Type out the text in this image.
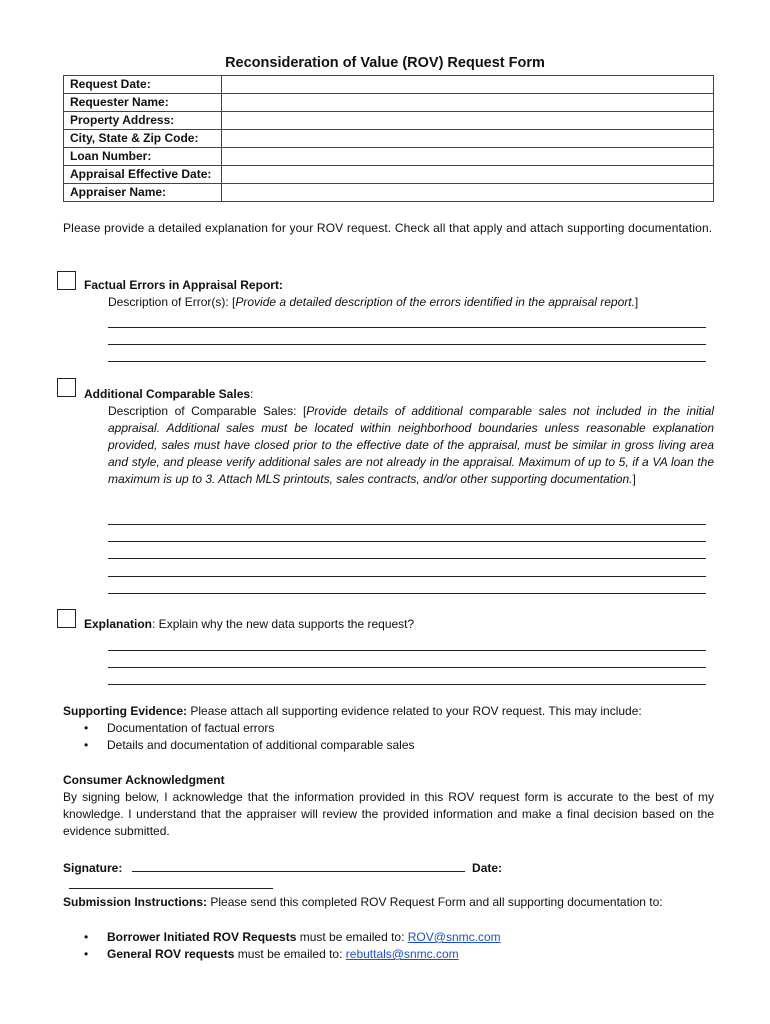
Reconsideration of Value (ROV) Request Form
Request Date:	
Requester Name:	
Property Address:	
City, State & Zip Code:	
Loan Number:	
Appraisal Effective Date:	
Appraiser Name:	
Please provide a detailed explanation for your ROV request. Check all that apply and attach supporting documentation.
Factual Errors in Appraisal Report:
Description of Error(s): [Provide a detailed description of the errors identified in the appraisal report.]
Additional Comparable Sales:
Description of Comparable Sales: [Provide details of additional comparable sales not included in the initial appraisal. Additional sales must be located within neighborhood boundaries unless reasonable explanation provided, sales must have closed prior to the effective date of the appraisal, must be similar in gross living area and style, and please verify additional sales are not already in the appraisal. Maximum of up to 5, if a VA loan the maximum is up to 3. Attach MLS printouts, sales contracts, and/or other supporting documentation.]
Explanation: Explain why the new data supports the request?
Supporting Evidence: Please attach all supporting evidence related to your ROV request. This may include:
• Documentation of factual errors
• Details and documentation of additional comparable sales
Consumer Acknowledgment
By signing below, I acknowledge that the information provided in this ROV request form is accurate to the best of my knowledge. I understand that the appraiser will review the provided information and make a final decision based on the evidence submitted.
Signature:	Date:
Submission Instructions: Please send this completed ROV Request Form and all supporting documentation to:
• Borrower Initiated ROV Requests must be emailed to: ROV@snmc.com
• General ROV requests must be emailed to: rebuttals@snmc.com
